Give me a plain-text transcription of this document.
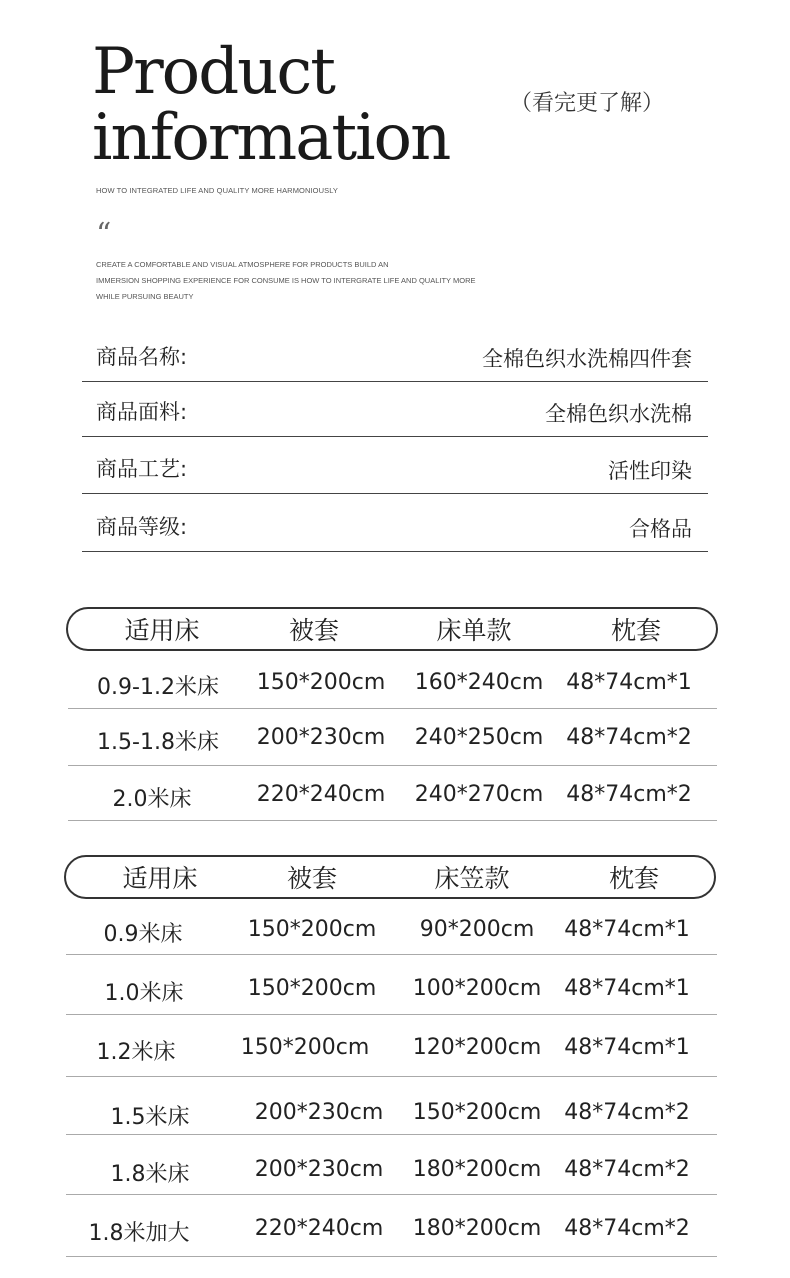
Product
information	（看完更了解）
HOW TO INTEGRATED LIFE AND QUALITY MORE HARMONIOUSLY
“
CREATE A COMFORTABLE AND VISUAL ATMOSPHERE FOR PRODUCTS BUILD AN
IMMERSION SHOPPING EXPERIENCE FOR CONSUME IS HOW TO INTERGRATE LIFE AND QUALITY MORE
WHILE PURSUING BEAUTY
商品名称:	全棉色织水洗棉四件套
商品面料:	全棉色织水洗棉
商品工艺:	活性印染
商品等级:	合格品
适用床	被套	床单款	枕套
0.9-1.2米床 150*200cm 160*240cm 48*74cm*1
1.5-1.8米床 200*230cm 240*250cm 48*74cm*2
2.0米床	220*240cm 240*270cm 48*74cm*2
适用床	被套	床笠款	枕套
0.9米床	150*200cm 90*200cm 48*74cm*1
1.0米床	150*200cm 100*200cm 48*74cm*1
1.2米床	150*200cm 120*200cm 48*74cm*1
1.5米床	200*230cm 150*200cm 48*74cm*2
1.8米床	200*230cm 180*200cm 48*74cm*2
1.8米加大	220*240cm 180*200cm 48*74cm*2
